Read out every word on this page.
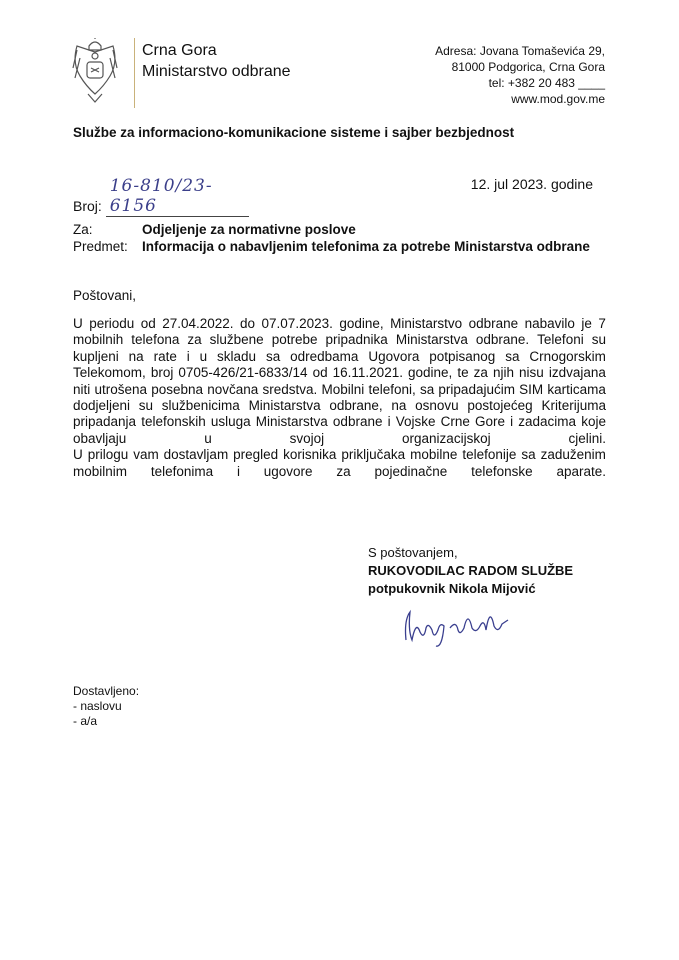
Crna Gora
Ministarstvo odbrane
Adresa: Jovana Tomaševića 29,
81000 Podgorica, Crna Gora
tel: +382 20 483 ____
www.mod.gov.me
Službe za informaciono-komunikacione sisteme i sajber bezbjednost
Broj: 16-810/23-6156
12. jul 2023. godine
Za:	Odjeljenje za normativne poslove
Predmet:	Informacija o nabavljenim telefonima za potrebe Ministarstva odbrane
Poštovani,
U periodu od 27.04.2022. do 07.07.2023. godine, Ministarstvo odbrane nabavilo je 7
mobilnih telefona za službene potrebe pripadnika Ministarstva odbrane. Telefoni su
kupljeni na rate i u skladu sa odredbama Ugovora potpisanog sa Crnogorskim
Telekomom, broj 0705-426/21-6833/14 od 16.11.2021. godine, te za njih nisu izdvajana
niti utrošena posebna novčana sredstva. Mobilni telefoni, sa pripadajućim SIM karticama
dodjeljeni su službenicima Ministarstva odbrane, na osnovu postojećeg Kriterijuma
pripadanja telefonskih usluga Ministarstva odbrane i Vojske Crne Gore i zadacima koje
obavljaju u svojoj organizacijskoj cjelini.
U prilogu vam dostavljam pregled korisnika priključaka mobilne telefonije sa zaduženim
mobilnim telefonima i ugovore za pojedinačne telefonske aparate.
S poštovanjem,
RUKOVODILAC RADOM SLUŽBE
potpukovnik Nikola Mijović
Dostavljeno:
- naslovu
- a/a
